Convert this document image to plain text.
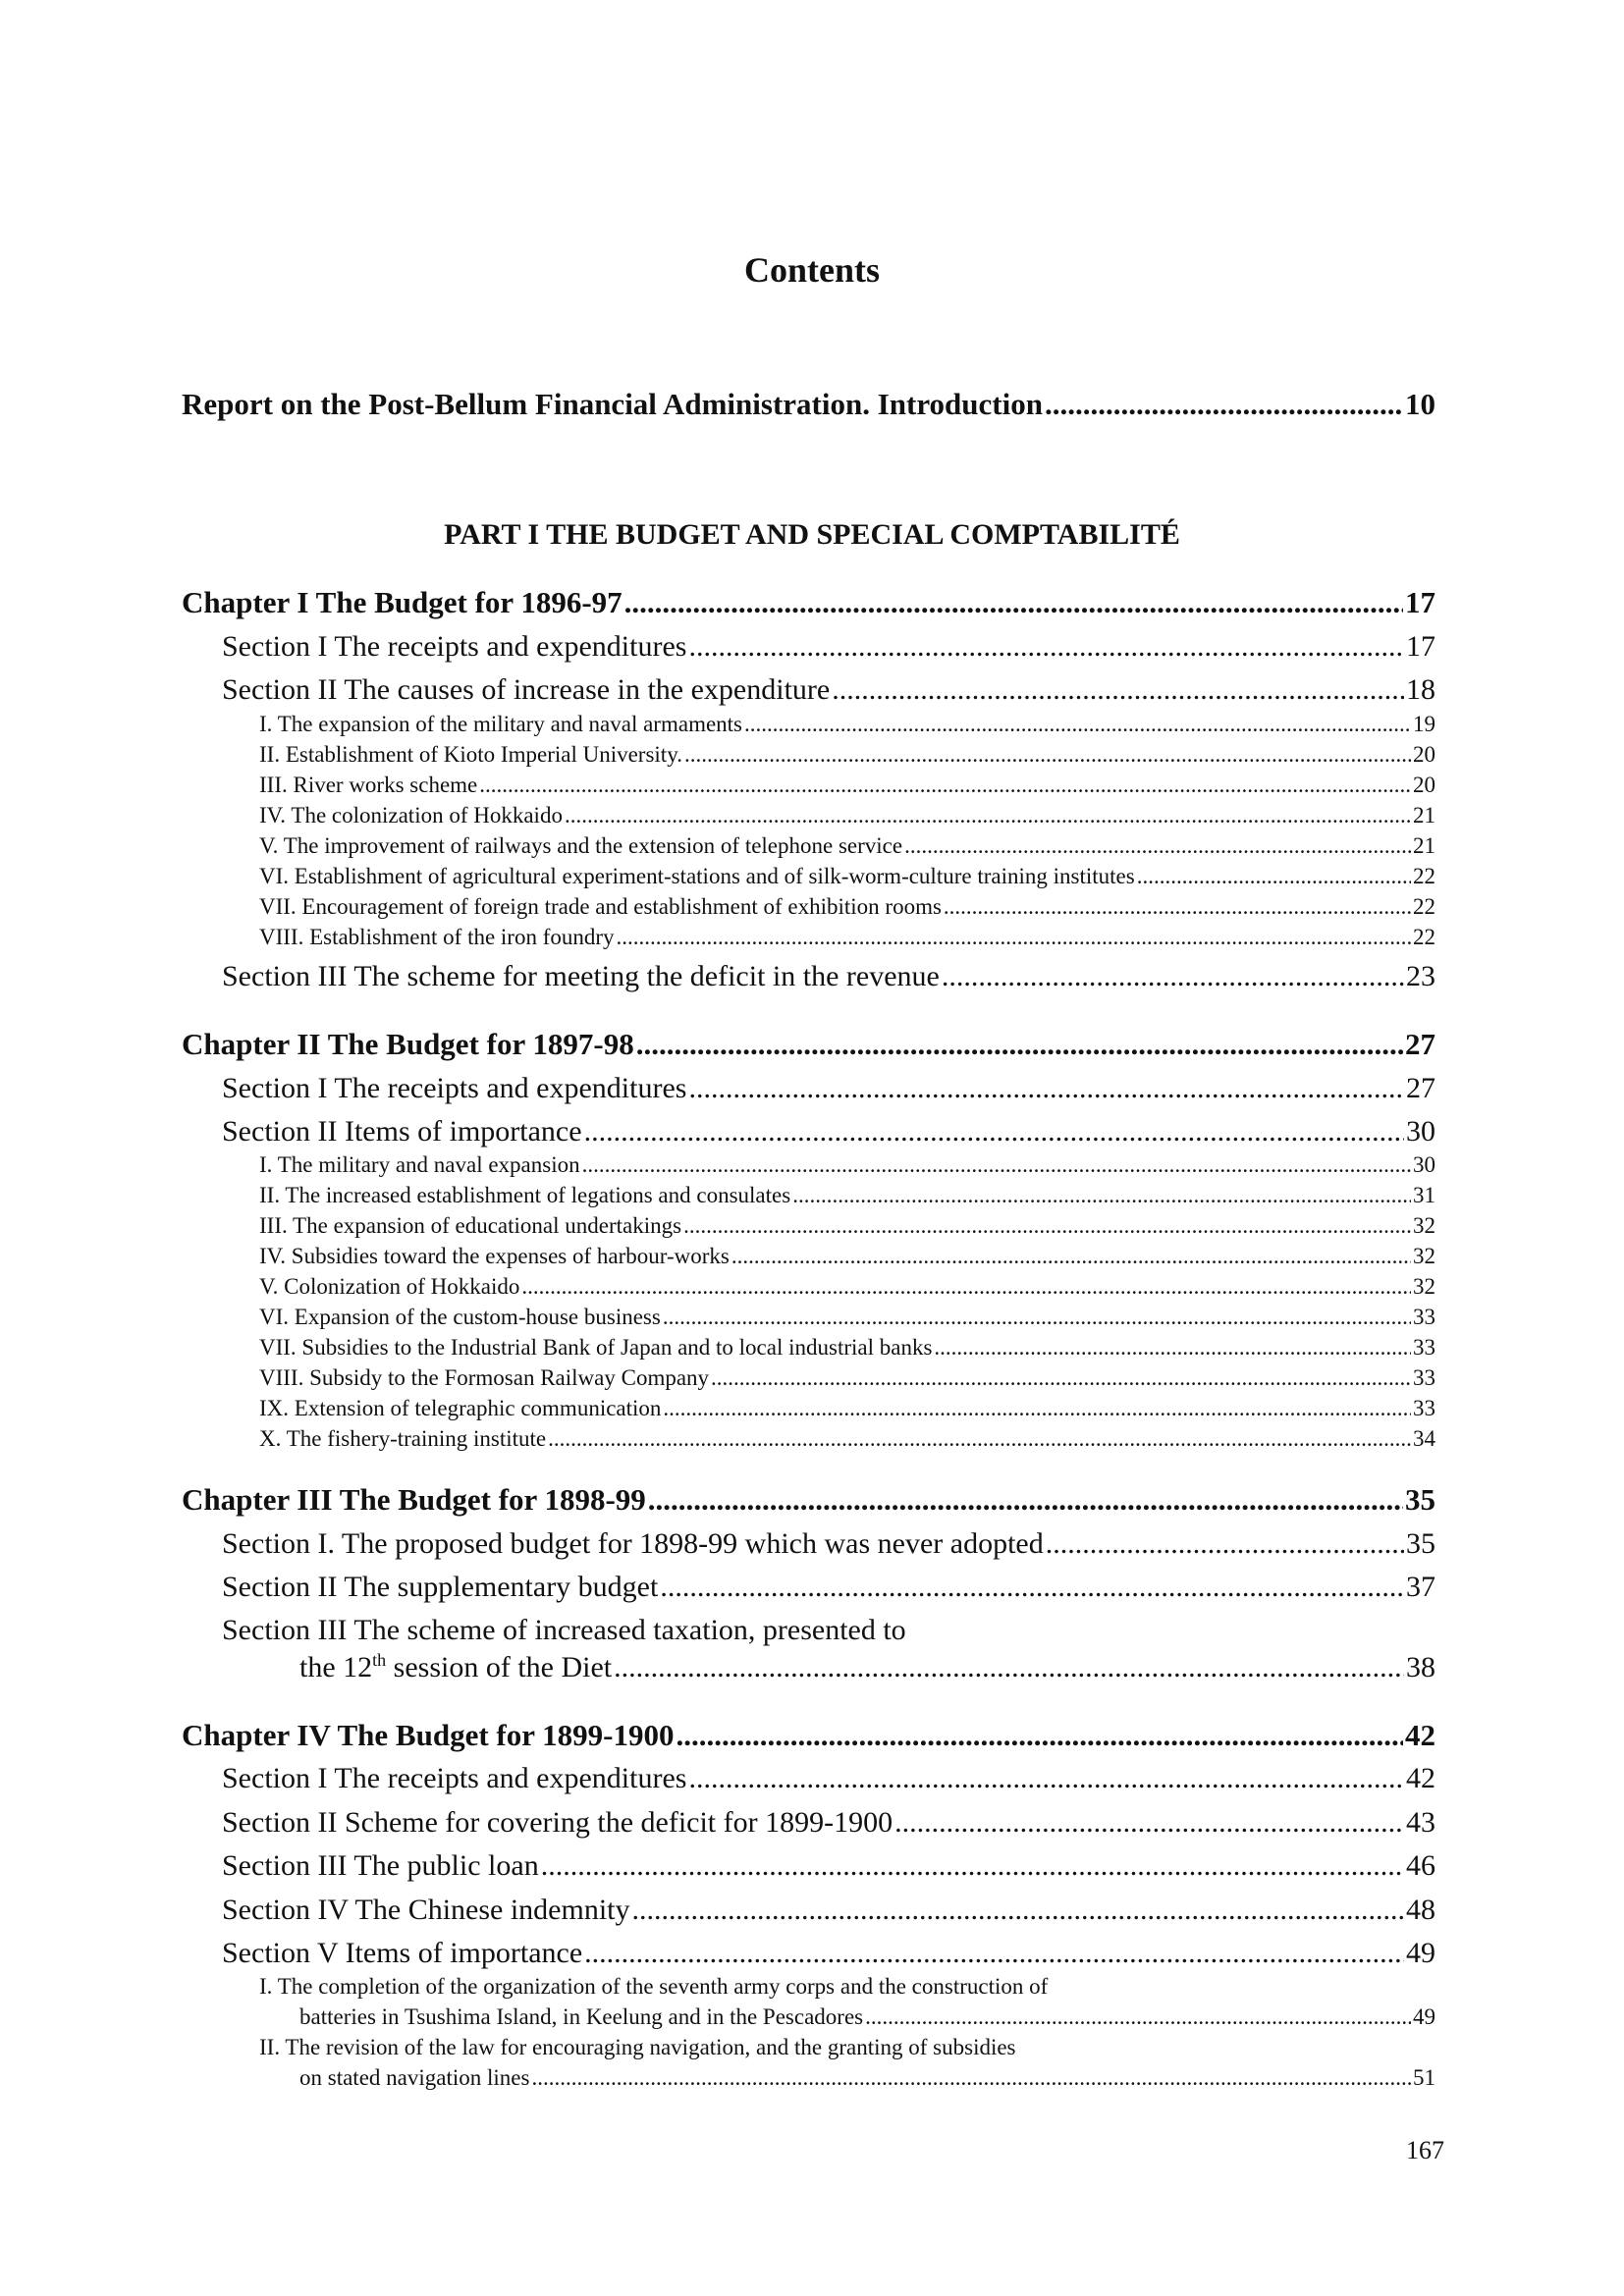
Contents
Report on the Post-Bellum Financial Administration. Introduction .....	10
PART I THE BUDGET AND SPECIAL COMPTABILITÉ
Chapter I The Budget for 1896-97 .....	17
Section I The receipts and expenditures .....	17
Section II The causes of increase in the expenditure .....	18
I. The expansion of the military and naval armaments .....	19
II. Establishment of Kioto Imperial University. .....	20
III. River works scheme .....	20
IV. The colonization of Hokkaido .....	21
V. The improvement of railways and the extension of telephone service .....	21
VI. Establishment of agricultural experiment-stations and of silk-worm-culture training institutes .....	22
VII. Encouragement of foreign trade and establishment of exhibition rooms .....	22
VIII. Establishment of the iron foundry .....	22
Section III The scheme for meeting the deficit in the revenue .....	23
Chapter II The Budget for 1897-98 .....	27
Section I The receipts and expenditures .....	27
Section II Items of importance .....	30
I. The military and naval expansion .....	30
II. The increased establishment of legations and consulates .....	31
III. The expansion of educational undertakings .....	32
IV. Subsidies toward the expenses of harbour-works .....	32
V. Colonization of Hokkaido .....	32
VI. Expansion of the custom-house business .....	33
VII. Subsidies to the Industrial Bank of Japan and to local industrial banks .....	33
VIII. Subsidy to the Formosan Railway Company .....	33
IX. Extension of telegraphic communication .....	33
X. The fishery-training institute .....	34
Chapter III The Budget for 1898-99 .....	35
Section I. The proposed budget for 1898-99 which was never adopted .....	35
Section II The supplementary budget .....	37
Section III The scheme of increased taxation, presented to
the 12th session of the Diet .....	38
Chapter IV The Budget for 1899-1900 .....	42
Section I The receipts and expenditures .....	42
Section II Scheme for covering the deficit for 1899-1900 .....	43
Section III The public loan .....	46
Section IV The Chinese indemnity .....	48
Section V Items of importance .....	49
I. The completion of the organization of the seventh army corps and the construction of
batteries in Tsushima Island, in Keelung and in the Pescadores .....	49
II. The revision of the law for encouraging navigation, and the granting of subsidies
on stated navigation lines .....	51
167
